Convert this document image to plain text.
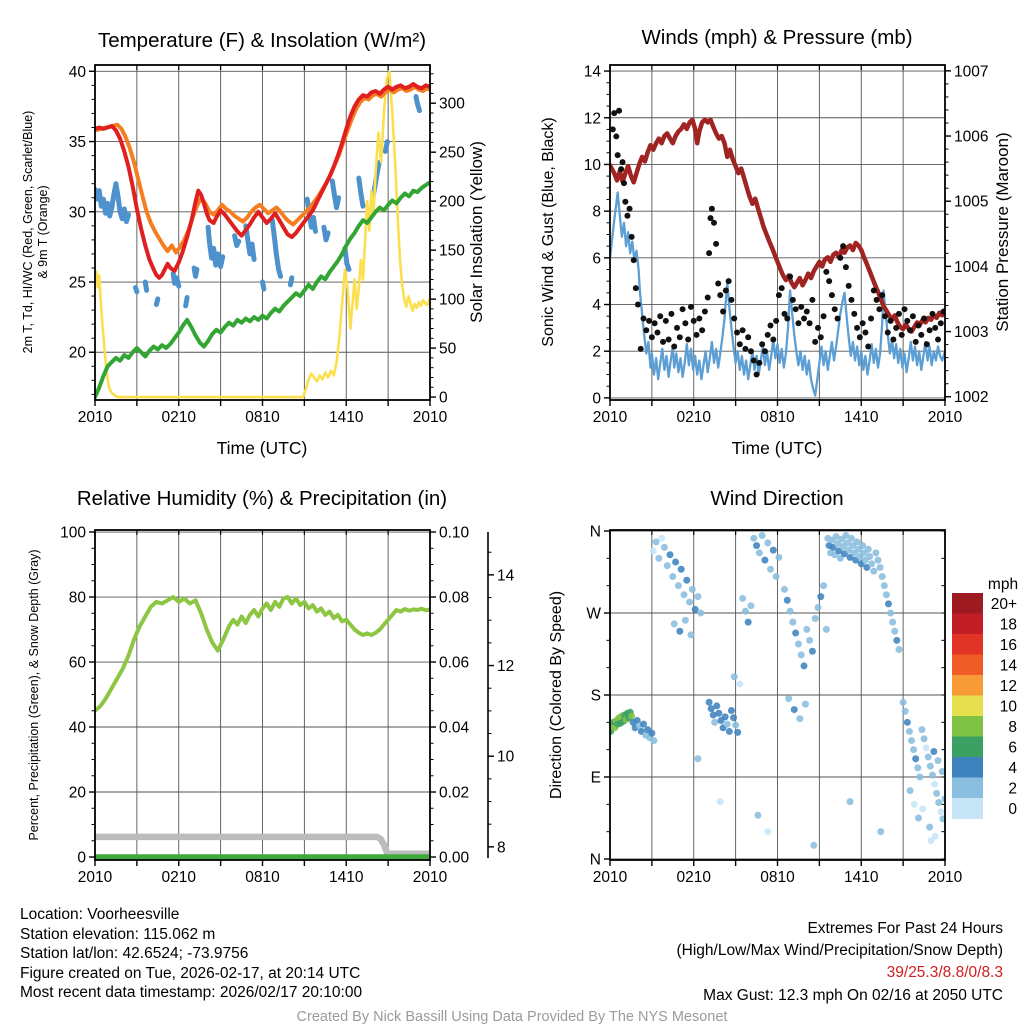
2010	0210	0810	1410	2010
20
25
30
35
40
0
50
100
150
200
250
300
2010	0210	0810	1410	2010
0
2
4
6
8
10
12
14
1002
1003
1004
1005
1006
1007
2010	0210	0810	1410	2010
0
20
40
60
80
100
0.00
0.02
0.04
0.06
0.08
0.10
8
10
12
14
2010	0210	0810	1410	2010
N
E
S
W
N
mph
20+
18
16
14
12
10
8
6
4
2
0
Temperature (F) & Insolation (W/m²)	Winds (mph) & Pressure (mb)
Relative Humidity (%) & Precipitation (in)	Wind Direction
Time (UTC)	Time (UTC)
2m T, Td, HI/WC (Red, Green, Scarlet/Blue) & 9m T (Orange)	Solar Insolation (Yellow)	Sonic Wind & Gust (Blue, Black)	Station Pressure (Maroon)
Percent, Precipitation (Green), & Snow Depth (Gray)	Direction (Colored By Speed)
Location: Voorheesville
Station elevation: 115.062 m
Station lat/lon: 42.6524; -73.9756
Figure created on Tue, 2026-02-17, at 20:14 UTC
Most recent data timestamp: 2026/02/17 20:10:00
Extremes For Past 24 Hours
(High/Low/Max Wind/Precipitation/Snow Depth)
39/25.3/8.8/0/8.3
Max Gust: 12.3 mph On 02/16 at 2050 UTC
Created By Nick Bassill Using Data Provided By The NYS Mesonet
